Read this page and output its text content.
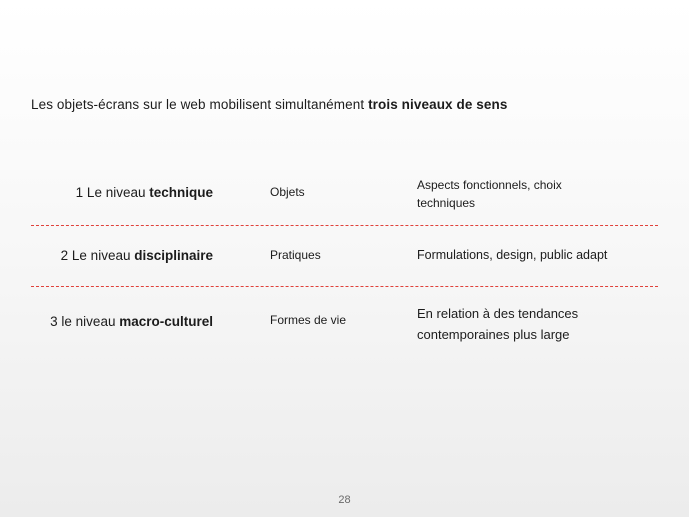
Les objets-écrans sur le web mobilisent simultanément trois niveaux de sens
1 Le niveau technique	Objets	Aspects fonctionnels, choix
techniques
2 Le niveau disciplinaire	Pratiques	Formulations, design, public adapt
3 le niveau macro-culturel	Formes de vie	En relation à des tendances
contemporaines plus large
28
